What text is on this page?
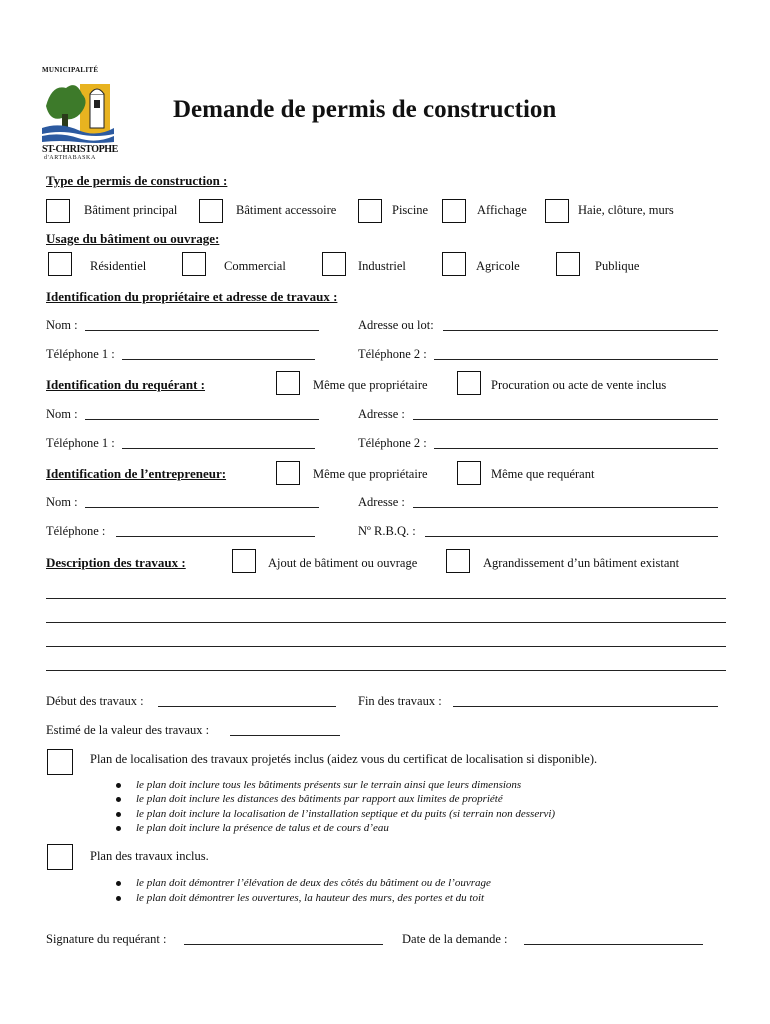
MUNICIPALITÉ
ST-CHRISTOPHE
d'ARTHABASKA
Demande de permis de construction
Type de permis de construction :
Bâtiment principal	Bâtiment accessoire	Piscine	Affichage	Haie, clôture, murs
Usage du bâtiment ou ouvrage:
Résidentiel	Commercial	Industriel	Agricole	Publique
Identification du propriétaire et adresse de travaux :
Nom :	Adresse ou lot:
Téléphone 1 :	Téléphone 2 :
Identification du requérant :	Même que propriétaire	Procuration ou acte de vente inclus
Nom :	Adresse :
Téléphone 1 :	Téléphone 2 :
Identification de l’entrepreneur:	Même que propriétaire	Même que requérant
Nom :	Adresse :
Téléphone :	Nº R.B.Q. :
Description des travaux :	Ajout de bâtiment ou ouvrage	Agrandissement d’un bâtiment existant
Début des travaux :	Fin des travaux :
Estimé de la valeur des travaux :
Plan de localisation des travaux projetés inclus (aidez vous du certificat de localisation si disponible).
le plan doit inclure tous les bâtiments présents sur le terrain ainsi que leurs dimensions
le plan doit inclure les distances des bâtiments par rapport aux limites de propriété
le plan doit inclure la localisation de l’installation septique et du puits (si terrain non desservi)
le plan doit inclure la présence de talus et de cours d’eau
Plan des travaux inclus.
le plan doit démontrer l’élévation de deux des côtés du bâtiment ou de l’ouvrage
le plan doit démontrer les ouvertures, la hauteur des murs, des portes et du toit
Signature du requérant :	Date de la demande :
